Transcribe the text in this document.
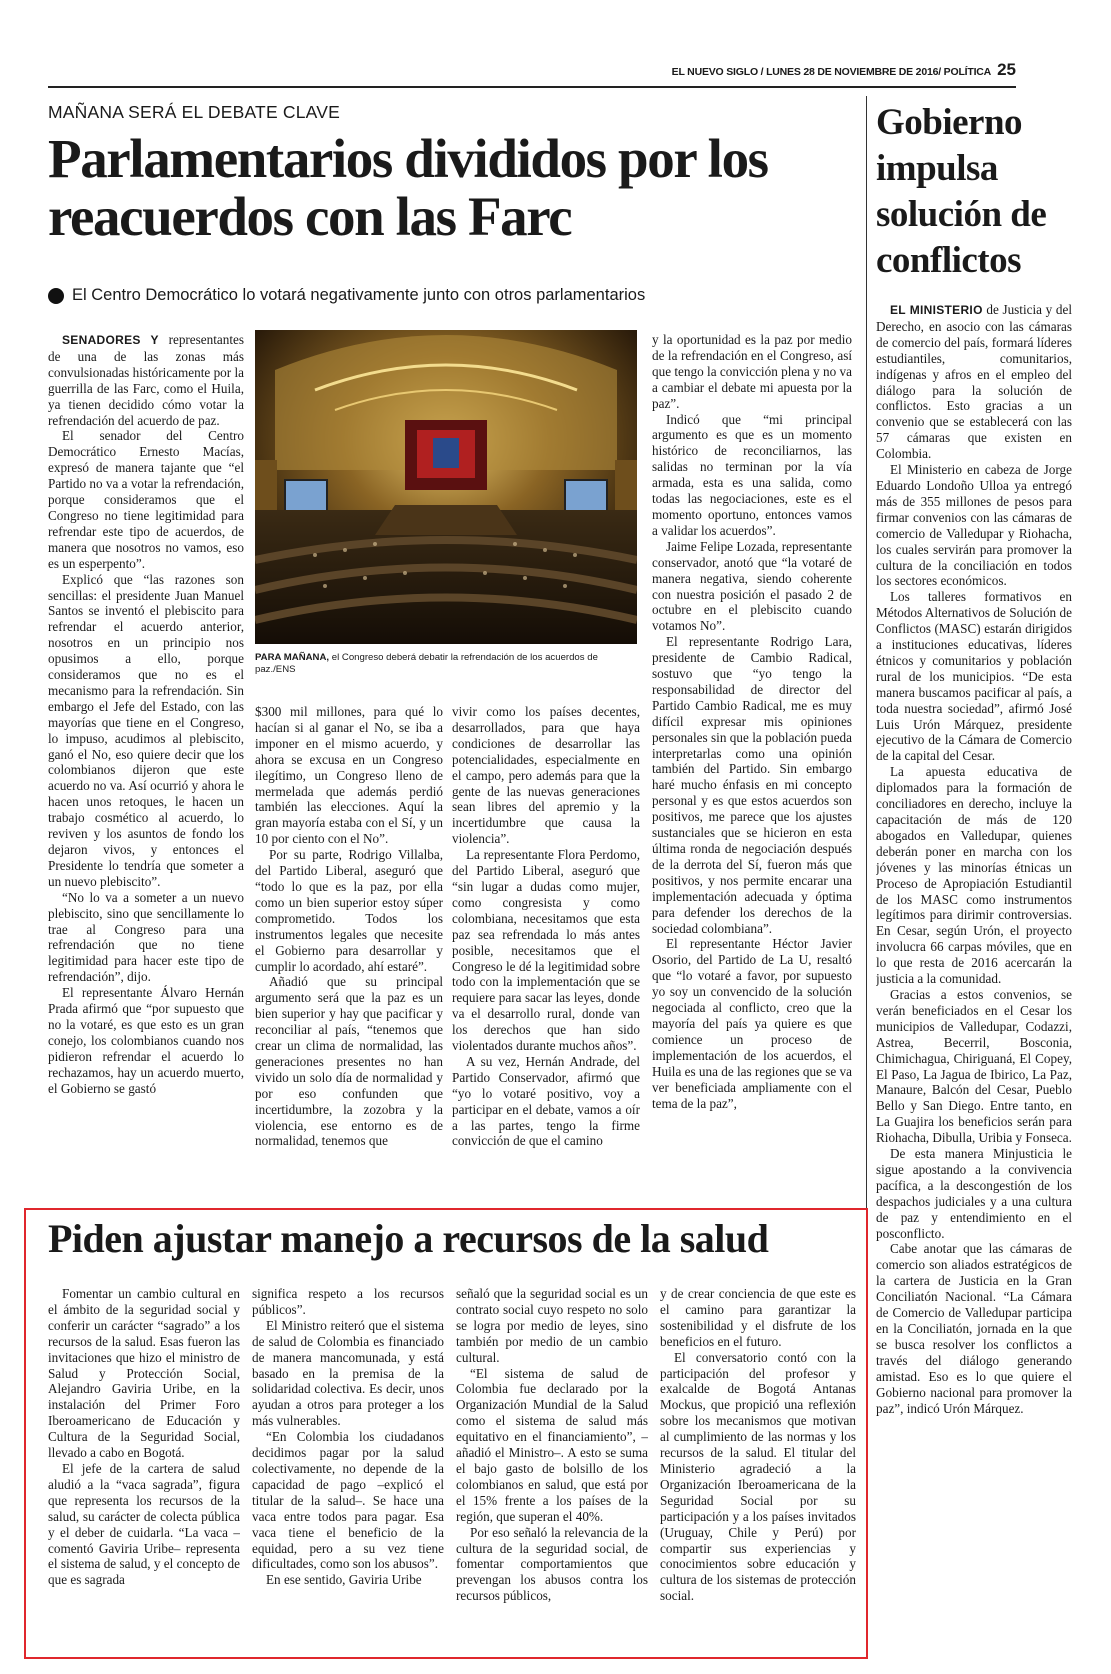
EL NUEVO SIGLO / LUNES 28 DE NOVIEMBRE DE 2016/ POLÍTICA 25
MAÑANA SERÁ EL DEBATE CLAVE
Parlamentarios divididos por los reacuerdos con las Farc
El Centro Democrático lo votará negativamente junto con otros parlamentarios

SENADORES Y representantes de una de las zonas más convulsionadas históricamente por la guerrilla de las Farc, como el Huila, ya tienen decidido cómo votar la refrendación del acuerdo de paz.

El senador del Centro Democrático Ernesto Macías, expresó de manera tajante que “el Partido no va a votar la refrendación, porque consideramos que el Congreso no tiene legitimidad para refrendar este tipo de acuerdos, de manera que nosotros no vamos, eso es un esperpento”.

Explicó que “las razones son sencillas: el presidente Juan Manuel Santos se inventó el plebiscito para refrendar el acuerdo anterior, nosotros en un principio nos opusimos a ello, porque consideramos que no es el mecanismo para la refrendación. Sin embargo el Jefe del Estado, con las mayorías que tiene en el Congreso, lo impuso, acudimos al plebiscito, ganó el No, eso quiere decir que los colombianos dijeron que este acuerdo no va. Así ocurrió y ahora le hacen unos retoques, le hacen un trabajo cosmético al acuerdo, lo reviven y los asuntos de fondo los dejaron vivos, y entonces el Presidente lo tendría que someter a un nuevo plebiscito”.

“No lo va a someter a un nuevo plebiscito, sino que sencillamente lo trae al Congreso para una refrendación que no tiene legitimidad para hacer este tipo de refrendación”, dijo.

El representante Álvaro Hernán Prada afirmó que “por supuesto que no la votaré, es que esto es un gran conejo, los colombianos cuando nos pidieron refrendar el acuerdo lo rechazamos, hay un acuerdo muerto, el Gobierno se gastó

PARA MAÑANA, el Congreso deberá debatir la refrendación de los acuerdos de paz./ENS

$300 mil millones, para qué lo hacían si al ganar el No, se iba a imponer en el mismo acuerdo, y ahora se excusa en un Congreso ilegítimo, un Congreso lleno de mermelada que además perdió también las elecciones. Aquí la gran mayoría estaba con el Sí, y un 10 por ciento con el No”.

Por su parte, Rodrigo Villalba, del Partido Liberal, aseguró que “todo lo que es la paz, por ella como un bien superior estoy súper comprometido. Todos los instrumentos legales que necesite el Gobierno para desarrollar y cumplir lo acordado, ahí estaré”.

Añadió que su principal argumento será que la paz es un bien superior y hay que pacificar y reconciliar al país, “tenemos que crear un clima de normalidad, las generaciones presentes no han vivido un solo día de normalidad y por eso confunden que incertidumbre, la zozobra y la violencia, ese entorno es de normalidad, tenemos que

vivir como los países decentes, desarrollados, para que haya condiciones de desarrollar las potencialidades, especialmente en el campo, pero además para que la gente de las nuevas generaciones sean libres del apremio y la incertidumbre que causa la violencia”.

La representante Flora Perdomo, del Partido Liberal, aseguró que “sin lugar a dudas como mujer, como congresista y como colombiana, necesitamos que esta paz sea refrendada lo más antes posible, necesitamos que el Congreso le dé la legitimidad sobre todo con la implementación que se requiere para sacar las leyes, donde va el desarrollo rural, donde van los derechos que han sido violentados durante muchos años”.

A su vez, Hernán Andrade, del Partido Conservador, afirmó que “yo lo votaré positivo, voy a participar en el debate, vamos a oír a las partes, tengo la firme convicción de que el camino

y la oportunidad es la paz por medio de la refrendación en el Congreso, así que tengo la convicción plena y no va a cambiar el debate mi apuesta por la paz”.

Indicó que “mi principal argumento es que es un momento histórico de reconciliarnos, las salidas no terminan por la vía armada, esta es una salida, como todas las negociaciones, este es el momento oportuno, entonces vamos a validar los acuerdos”.

Jaime Felipe Lozada, representante conservador, anotó que “la votaré de manera negativa, siendo coherente con nuestra posición el pasado 2 de octubre en el plebiscito cuando votamos No”.

El representante Rodrigo Lara, presidente de Cambio Radical, sostuvo que “yo tengo la responsabilidad de director del Partido Cambio Radical, me es muy difícil expresar mis opiniones personales sin que la población pueda interpretarlas como una opinión también del Partido. Sin embargo haré mucho énfasis en mi concepto personal y es que estos acuerdos son positivos, me parece que los ajustes sustanciales que se hicieron en esta última ronda de negociación después de la derrota del Sí, fueron más que positivos, y nos permite encarar una implementación adecuada y óptima para defender los derechos de la sociedad colombiana”.

El representante Héctor Javier Osorio, del Partido de La U, resaltó que “lo votaré a favor, por supuesto yo soy un convencido de la solución negociada al conflicto, creo que la mayoría del país ya quiere es que comience un proceso de implementación de los acuerdos, el Huila es una de las regiones que se va ver beneficiada ampliamente con el tema de la paz”,

Gobierno impulsa solución de conflictos

EL MINISTERIO de Justicia y del Derecho, en asocio con las cámaras de comercio del país, formará líderes estudiantiles, comunitarios, indígenas y afros en el empleo del diálogo para la solución de conflictos. Esto gracias a un convenio que se establecerá con las 57 cámaras que existen en Colombia.

El Ministerio en cabeza de Jorge Eduardo Londoño Ulloa ya entregó más de 355 millones de pesos para firmar convenios con las cámaras de comercio de Valledupar y Riohacha, los cuales servirán para promover la cultura de la conciliación en todos los sectores económicos.

Los talleres formativos en Métodos Alternativos de Solución de Conflictos (MASC) estarán dirigidos a instituciones educativas, líderes étnicos y comunitarios y población rural de los municipios. “De esta manera buscamos pacificar al país, a toda nuestra sociedad”, afirmó José Luis Urón Márquez, presidente ejecutivo de la Cámara de Comercio de la capital del Cesar.

La apuesta educativa de diplomados para la formación de conciliadores en derecho, incluye la capacitación de más de 120 abogados en Valledupar, quienes deberán poner en marcha con los jóvenes y las minorías étnicas un Proceso de Apropiación Estudiantil de los MASC como instrumentos legítimos para dirimir controversias. En Cesar, según Urón, el proyecto involucra 66 carpas móviles, que en lo que resta de 2016 acercarán la justicia a la comunidad.

Gracias a estos convenios, se verán beneficiados en el Cesar los municipios de Valledupar, Codazzi, Astrea, Becerril, Bosconia, Chimichagua, Chiriguaná, El Copey, El Paso, La Jagua de Ibirico, La Paz, Manaure, Balcón del Cesar, Pueblo Bello y San Diego. Entre tanto, en La Guajira los beneficios serán para Riohacha, Dibulla, Uribia y Fonseca.

De esta manera Minjusticia le sigue apostando a la convivencia pacífica, a la descongestión de los despachos judiciales y a una cultura de paz y entendimiento en el posconflicto.

Cabe anotar que las cámaras de comercio son aliados estratégicos de la cartera de Justicia en la Gran Conciliatón Nacional. “La Cámara de Comercio de Valledupar participa en la Conciliatón, jornada en la que se busca resolver los conflictos a través del diálogo generando amistad. Eso es lo que quiere el Gobierno nacional para promover la paz”, indicó Urón Márquez.

Piden ajustar manejo a recursos de la salud

Fomentar un cambio cultural en el ámbito de la seguridad social y conferir un carácter “sagrado” a los recursos de la salud. Esas fueron las invitaciones que hizo el ministro de Salud y Protección Social, Alejandro Gaviria Uribe, en la instalación del Primer Foro Iberoamericano de Educación y Cultura de la Seguridad Social, llevado a cabo en Bogotá.

El jefe de la cartera de salud aludió a la “vaca sagrada”, figura que representa los recursos de la salud, su carácter de colecta pública y el deber de cuidarla. “La vaca –comentó Gaviria Uribe– representa el sistema de salud, y el concepto de que es sagrada

significa respeto a los recursos públicos”.

El Ministro reiteró que el sistema de salud de Colombia es financiado de manera mancomunada, y está basado en la premisa de la solidaridad colectiva. Es decir, unos ayudan a otros para proteger a los más vulnerables.

“En Colombia los ciudadanos decidimos pagar por la salud colectivamente, no depende de la capacidad de pago –explicó el titular de la salud–. Se hace una vaca entre todos para pagar. Esa vaca tiene el beneficio de la equidad, pero a su vez tiene dificultades, como son los abusos”.

En ese sentido, Gaviria Uribe

señaló que la seguridad social es un contrato social cuyo respeto no solo se logra por medio de leyes, sino también por medio de un cambio cultural.

“El sistema de salud de Colombia fue declarado por la Organización Mundial de la Salud como el sistema de salud más equitativo en el financiamiento”, –añadió el Ministro–. A esto se suma el bajo gasto de bolsillo de los colombianos en salud, que está por el 15% frente a los países de la región, que superan el 40%.

Por eso señaló la relevancia de la cultura de la seguridad social, de fomentar comportamientos que prevengan los abusos contra los recursos públicos,

y de crear conciencia de que este es el camino para garantizar la sostenibilidad y el disfrute de los beneficios en el futuro.

El conversatorio contó con la participación del profesor y exalcalde de Bogotá Antanas Mockus, que propició una reflexión sobre los mecanismos que motivan al cumplimiento de las normas y los recursos de la salud. El titular del Ministerio agradeció a la Organización Iberoamericana de la Seguridad Social por su participación y a los países invitados (Uruguay, Chile y Perú) por compartir sus experiencias y conocimientos sobre educación y cultura de los sistemas de protección social.
